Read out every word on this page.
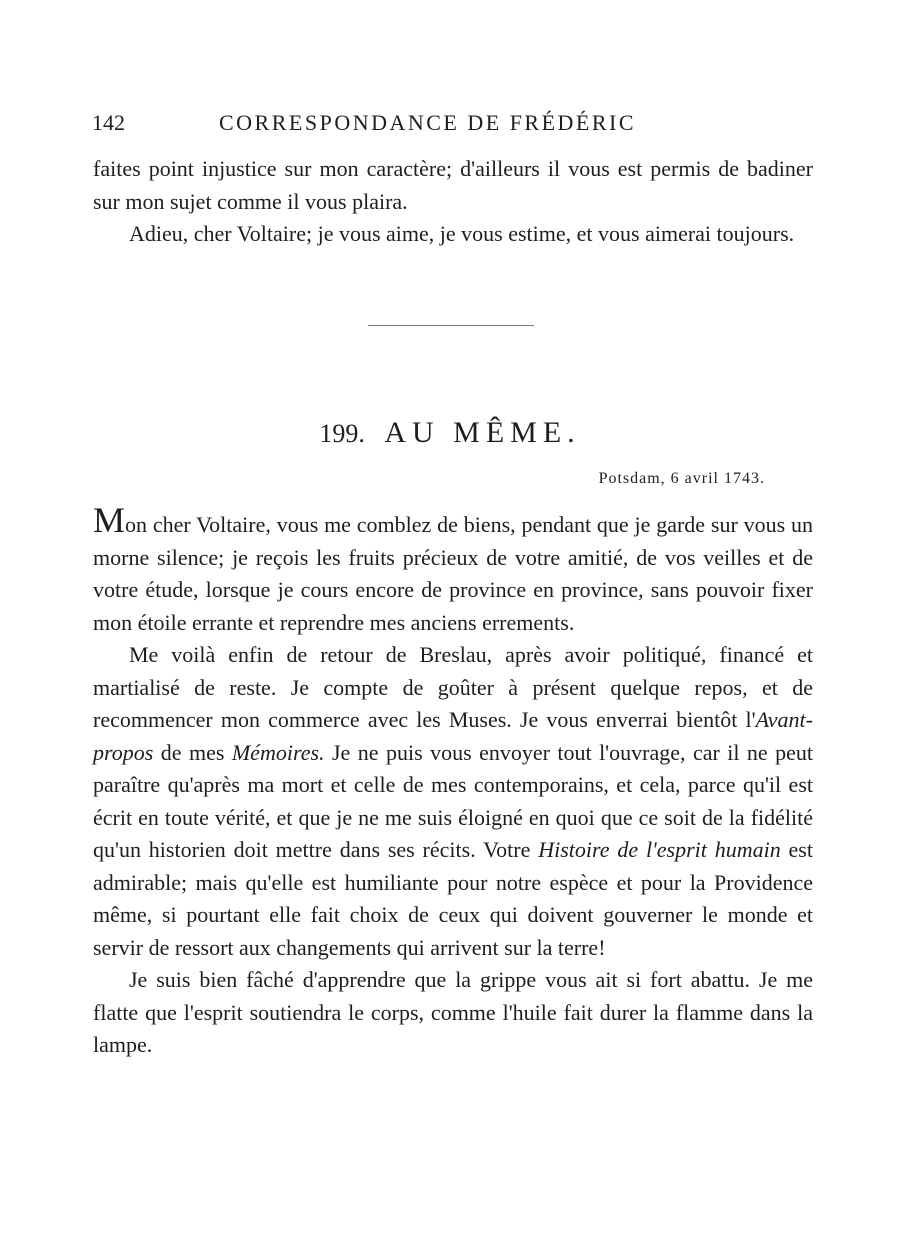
142	CORRESPONDANCE DE FRÉDÉRIC

faites point injustice sur mon caractère; d'ailleurs il vous est permis de badiner sur mon sujet comme il vous plaira.

Adieu, cher Voltaire; je vous aime, je vous estime, et vous aimerai toujours.

199. AU MÊME.
Potsdam, 6 avril 1743.

Mon cher Voltaire, vous me comblez de biens, pendant que je garde sur vous un morne silence; je reçois les fruits précieux de votre amitié, de vos veilles et de votre étude, lorsque je cours encore de province en province, sans pouvoir fixer mon étoile errante et reprendre mes anciens errements.

Me voilà enfin de retour de Breslau, après avoir politiqué, financé et martialisé de reste. Je compte de goûter à présent quelque repos, et de recommencer mon commerce avec les Muses. Je vous enverrai bientôt l'Avant-propos de mes Mémoires. Je ne puis vous envoyer tout l'ouvrage, car il ne peut paraître qu'après ma mort et celle de mes contemporains, et cela, parce qu'il est écrit en toute vérité, et que je ne me suis éloigné en quoi que ce soit de la fidélité qu'un historien doit mettre dans ses récits. Votre Histoire de l'esprit humain est admirable; mais qu'elle est humiliante pour notre espèce et pour la Providence même, si pourtant elle fait choix de ceux qui doivent gouverner le monde et servir de ressort aux changements qui arrivent sur la terre!

Je suis bien fâché d'apprendre que la grippe vous ait si fort abattu. Je me flatte que l'esprit soutiendra le corps, comme l'huile fait durer la flamme dans la lampe.
